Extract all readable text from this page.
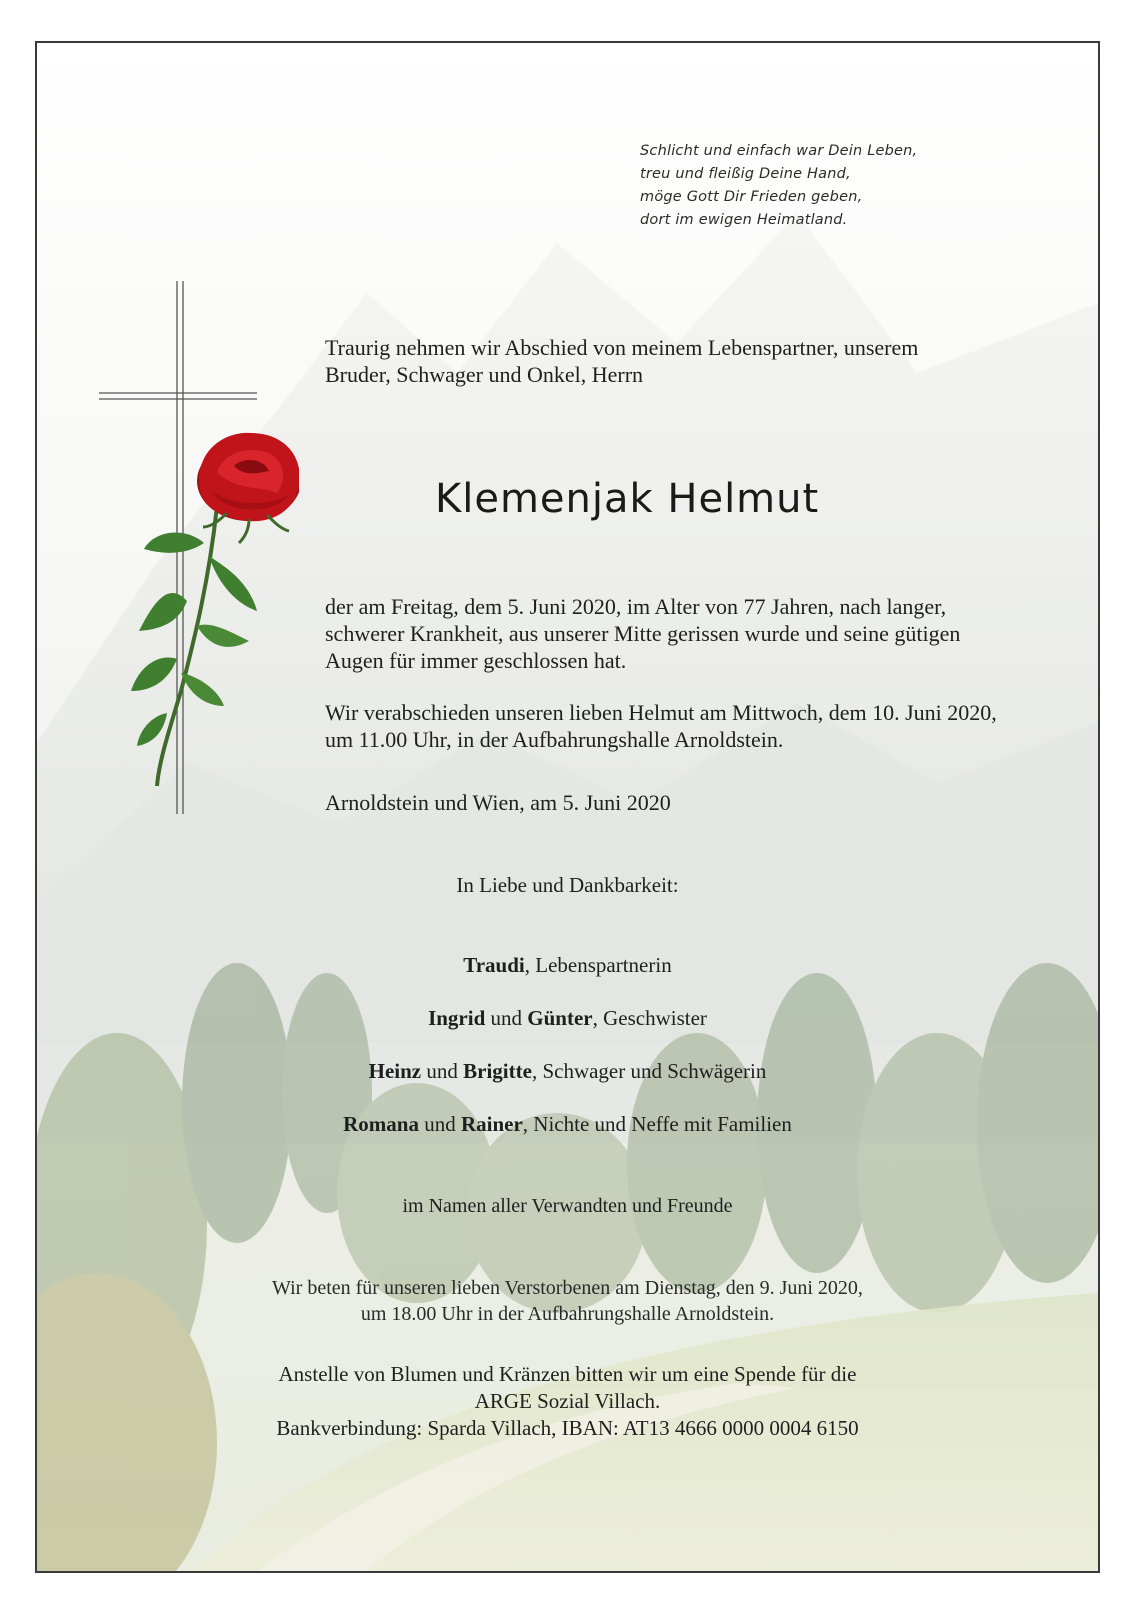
Schlicht und einfach war Dein Leben,
treu und fleißig Deine Hand,
möge Gott Dir Frieden geben,
dort im ewigen Heimatland.
Traurig nehmen wir Abschied von meinem Lebenspartner, unserem
Bruder, Schwager und Onkel, Herrn
Klemenjak Helmut
der am Freitag, dem 5. Juni 2020, im Alter von 77 Jahren, nach langer,
schwerer Krankheit, aus unserer Mitte gerissen wurde und seine gütigen
Augen für immer geschlossen hat.
Wir verabschieden unseren lieben Helmut am Mittwoch, dem 10. Juni 2020,
um 11.00 Uhr, in der Aufbahrungshalle Arnoldstein.
Arnoldstein und Wien, am 5. Juni 2020
In Liebe und Dankbarkeit:
Traudi, Lebenspartnerin
Ingrid und Günter, Geschwister
Heinz und Brigitte, Schwager und Schwägerin
Romana und Rainer, Nichte und Neffe mit Familien
im Namen aller Verwandten und Freunde
Wir beten für unseren lieben Verstorbenen am Dienstag, den 9. Juni 2020,
um 18.00 Uhr in der Aufbahrungshalle Arnoldstein.
Anstelle von Blumen und Kränzen bitten wir um eine Spende für die
ARGE Sozial Villach.
Bankverbindung: Sparda Villach, IBAN: AT13 4666 0000 0004 6150
